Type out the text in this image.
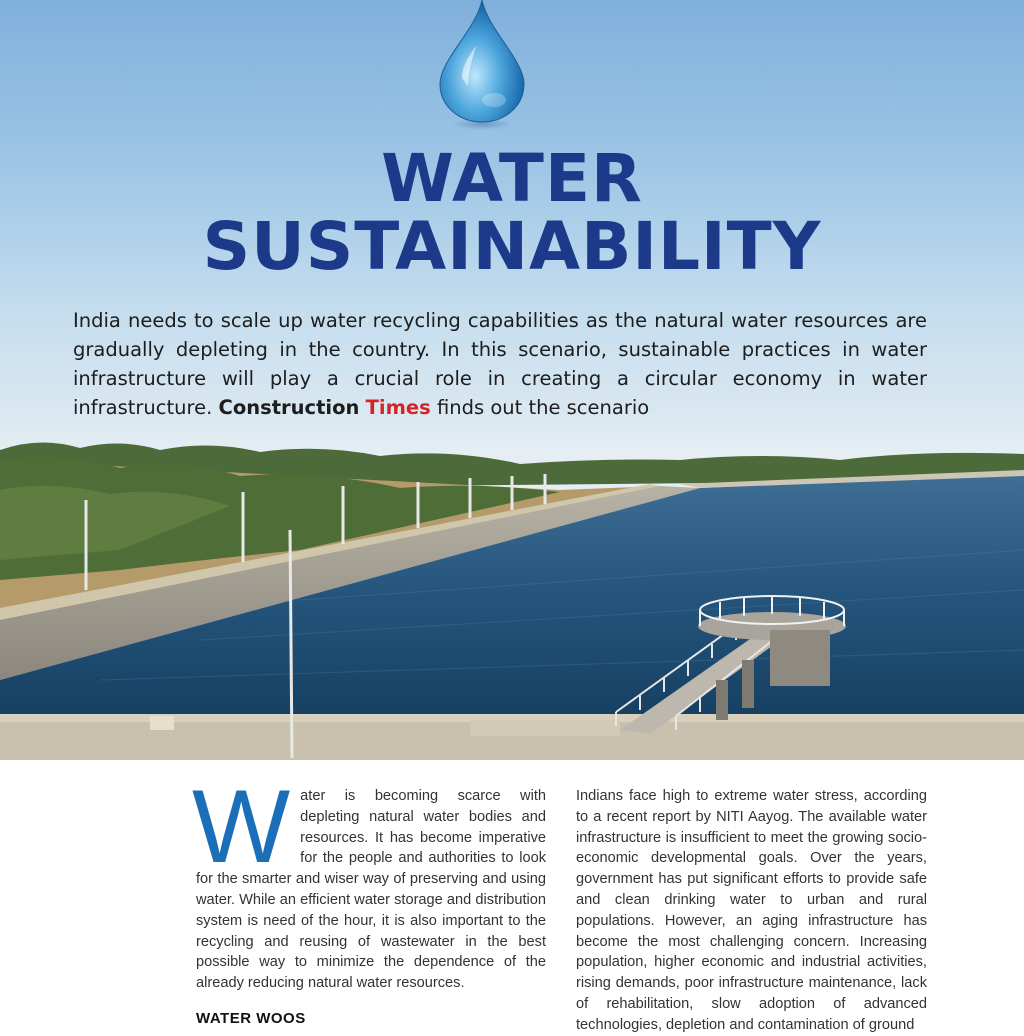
WATER
SUSTAINABILITY

India needs to scale up water recycling capabilities as the natural water resources are gradually depleting in the country. In this scenario, sustainable practices in water infrastructure will play a crucial role in creating a circular economy in water infrastructure. Construction Times finds out the scenario

W ater is becoming scarce with depleting natural water bodies and resources. It has become imperative for the people and authorities to look for the smarter and wiser way of preserving and using water. While an efficient water storage and distribution system is need of the hour, it is also important to the recycling and reusing of wastewater in the best possible way to minimize the dependence of the already reducing natural water resources.

WATER WOOS

Indians face high to extreme water stress, according to a recent report by NITI Aayog. The available water infrastructure is insufficient to meet the growing socio-economic developmental goals. Over the years, government has put significant efforts to provide safe and clean drinking water to urban and rural populations. However, an aging infrastructure has become the most challenging concern. Increasing population, higher economic and industrial activities, rising demands, poor infrastructure maintenance, lack of rehabilitation, slow adoption of advanced technologies, depletion and contamination of ground
